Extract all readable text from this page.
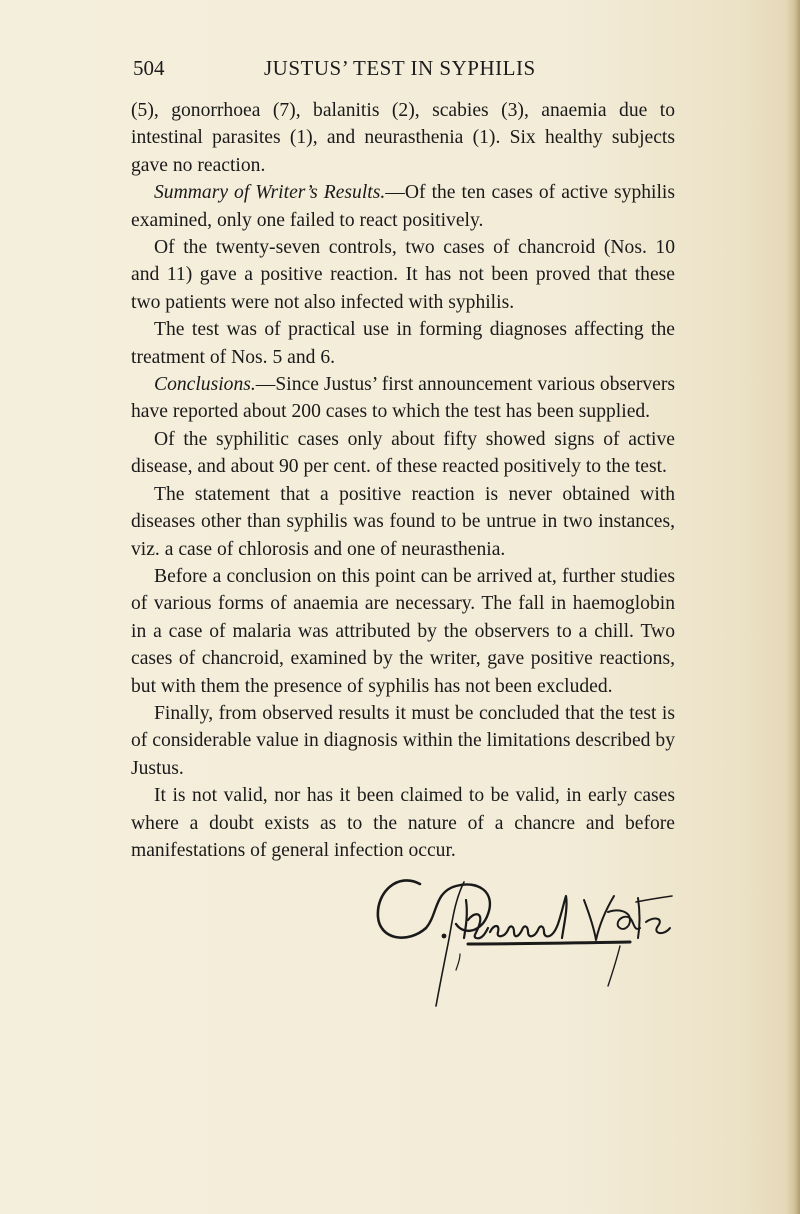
504	JUSTUS’ TEST IN SYPHILIS

(5), gonorrhoea (7), balanitis (2), scabies (3), anaemia due to intestinal parasites (1), and neurasthenia (1). Six healthy subjects gave no reaction.

Summary of Writer’s Results.—Of the ten cases of active syphilis examined, only one failed to react positively.

Of the twenty-seven controls, two cases of chancroid (Nos. 10 and 11) gave a positive reaction. It has not been proved that these two patients were not also infected with syphilis.

The test was of practical use in forming diagnoses affecting the treatment of Nos. 5 and 6.

Conclusions.—Since Justus’ first announcement various observers have reported about 200 cases to which the test has been supplied.

Of the syphilitic cases only about fifty showed signs of active disease, and about 90 per cent. of these reacted positively to the test.

The statement that a positive reaction is never obtained with diseases other than syphilis was found to be untrue in two instances, viz. a case of chlorosis and one of neurasthenia.

Before a conclusion on this point can be arrived at, further studies of various forms of anaemia are necessary. The fall in haemoglobin in a case of malaria was attributed by the observers to a chill. Two cases of chancroid, examined by the writer, gave positive reactions, but with them the presence of syphilis has not been excluded.

Finally, from observed results it must be concluded that the test is of considerable value in diagnosis within the limitations described by Justus.

It is not valid, nor has it been claimed to be valid, in early cases where a doubt exists as to the nature of a chancre and before manifestations of general infection occur.
